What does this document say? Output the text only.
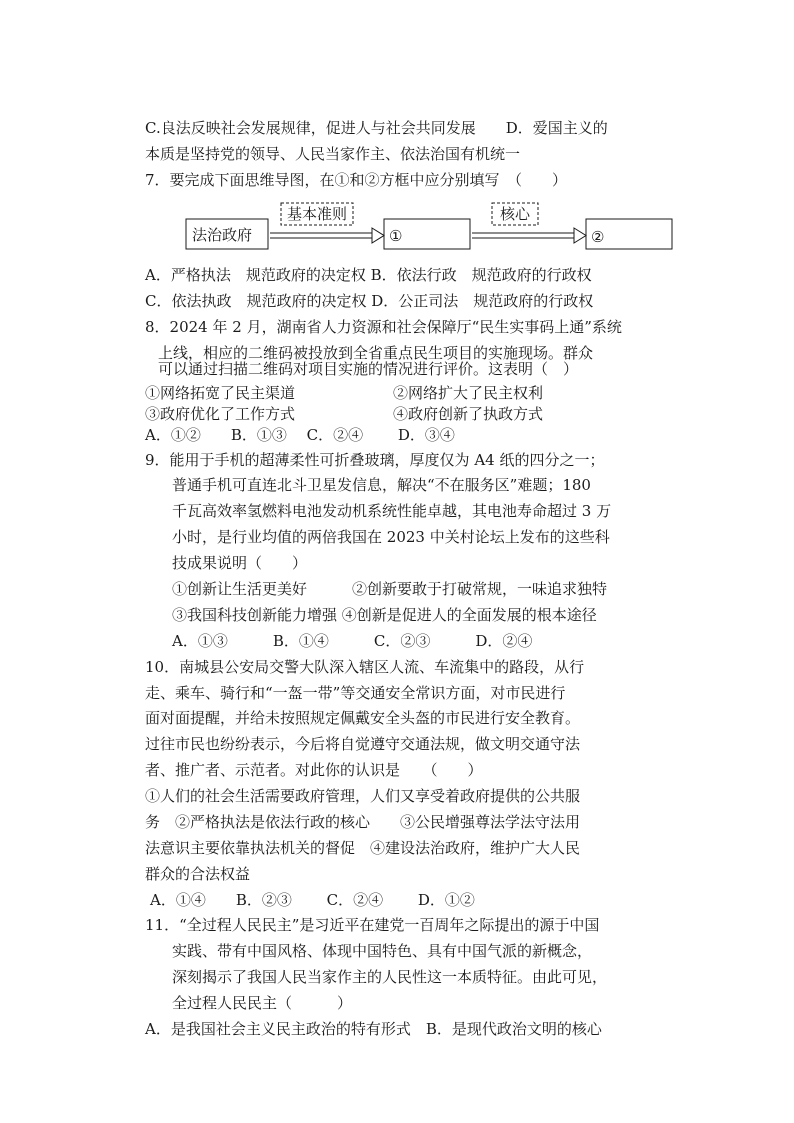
C.良法反映社会发展规律，促进人与社会共同发展　　D．爱国主义的
本质是坚持党的领导、人民当家作主、依法治国有机统一
7．要完成下面思维导图，在①和②方框中应分别填写　（　　）
法治政府
基本准则
①
核心
②
A．严格执法　规范政府的决定权 B．依法行政　规范政府的行政权
C．依法执政　规范政府的决定权 D．公正司法　规范政府的行政权
8．2024 年 2 月，湖南省人力资源和社会保障厅“民生实事码上通”系统
上线，相应的二维码被投放到全省重点民生项目的实施现场。群众
可以通过扫描二维码对项目实施的情况进行评价。这表明（　）
①网络拓宽了民主渠道	②网络扩大了民主权利
③政府优化了工作方式	④政府创新了执政方式
A．①②　　B．①③　 C．②④　　 D．③④
9．能用于手机的超薄柔性可折叠玻璃，厚度仅为 A4 纸的四分之一；
普通手机可直连北斗卫星发信息，解决“不在服务区”难题；180
千瓦高效率氢燃料电池发动机系统性能卓越，其电池寿命超过 3 万
小时，是行业均值的两倍我国在 2023 中关村论坛上发布的这些科
技成果说明（　　）
①创新让生活更美好　　　②创新要敢于打破常规，一味追求独特
③我国科技创新能力增强 ④创新是促进人的全面发展的根本途径
A．①③　　　B．①④　　　C．②③　　　D．②④
10．南城县公安局交警大队深入辖区人流、车流集中的路段，从行
走、乘车、骑行和“一盔一带”等交通安全常识方面，对市民进行
面对面提醒，并给未按照规定佩戴安全头盔的市民进行安全教育。
过往市民也纷纷表示，今后将自觉遵守交通法规，做文明交通守法
者、推广者、示范者。对此你的认识是　　（　　）
①人们的社会生活需要政府管理，人们又享受着政府提供的公共服
务　②严格执法是依法行政的核心　　③公民增强尊法学法守法用
法意识主要依靠执法机关的督促　④建设法治政府，维护广大人民
群众的合法权益
A．①④　　B．②③　　 C．②④　　 D．①②
11．“全过程人民民主”是习近平在建党一百周年之际提出的源于中国
实践、带有中国风格、体现中国特色、具有中国气派的新概念，
深刻揭示了我国人民当家作主的人民性这一本质特征。由此可见，
全过程人民民主（　　　）
A．是我国社会主义民主政治的特有形式　B．是现代政治文明的核心
